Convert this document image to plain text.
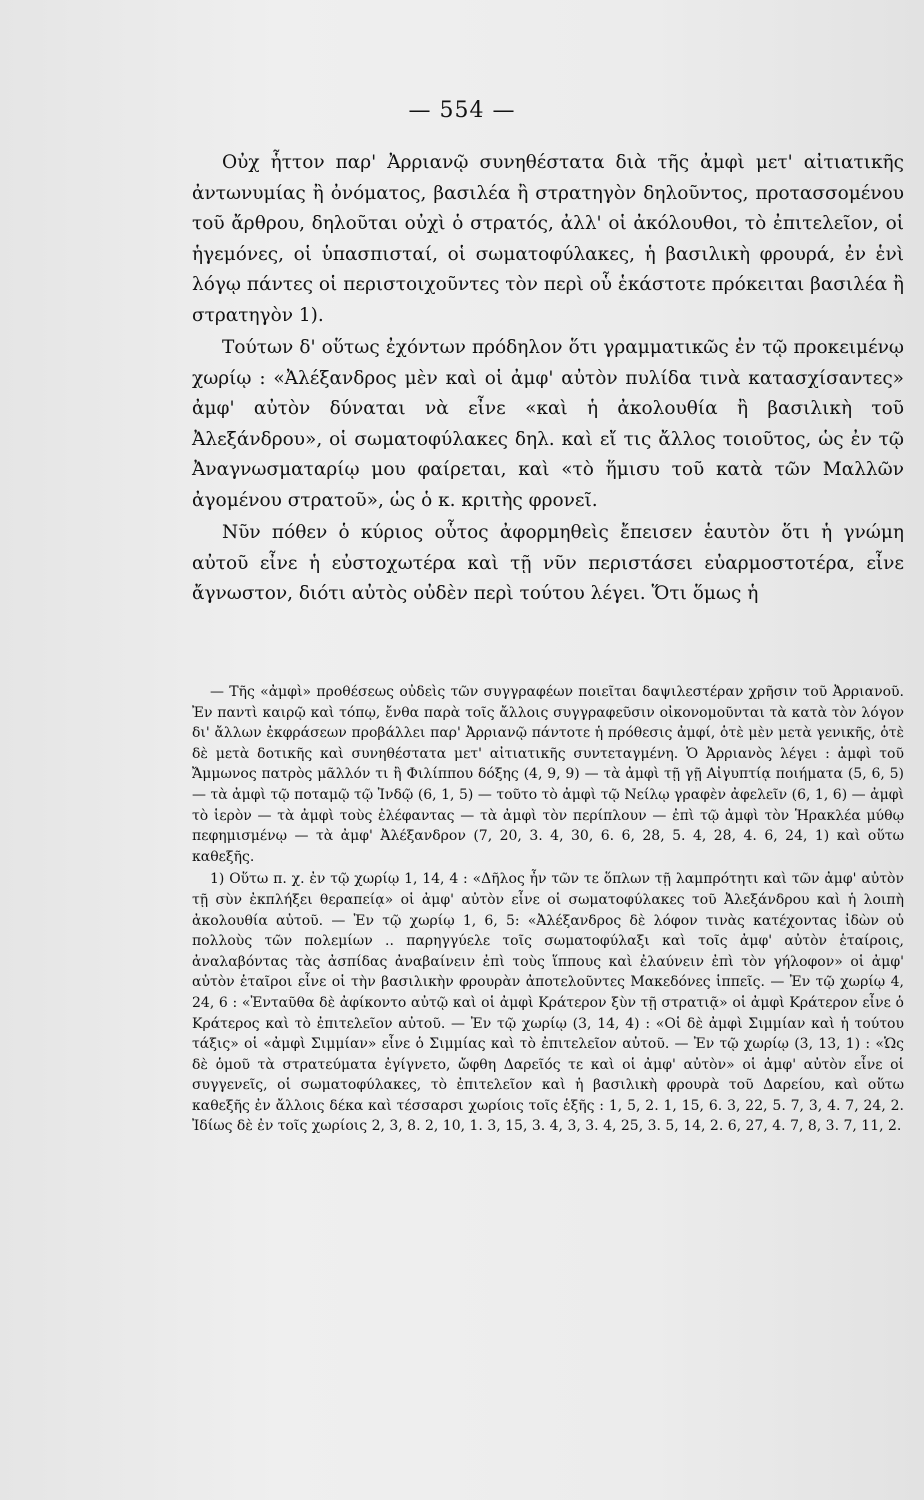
— 554 —

Οὐχ ἧττον παρ' Ἀρριανῷ συνηθέστατα διὰ τῆς ἀμφὶ μετ' αἰτιατικῆς ἀντωνυμίας ἢ ὀνόματος, βασιλέα ἢ στρατηγὸν δηλοῦντος, προτασσομένου τοῦ ἄρθρου, δηλοῦται οὐχὶ ὁ στρατός, ἀλλ' οἱ ἀκόλουθοι, τὸ ἐπιτελεῖον, οἱ ἡγεμόνες, οἱ ὑπασπισταί, οἱ σωματοφύλακες, ἡ βασιλικὴ φρουρά, ἐν ἑνὶ λόγῳ πάντες οἱ περιστοιχοῦντες τὸν περὶ οὗ ἑκάστοτε πρόκειται βασιλέα ἢ στρατηγὸν 1).

Τούτων δ' οὕτως ἐχόντων πρόδηλον ὅτι γραμματικῶς ἐν τῷ προκειμένῳ χωρίῳ : «Ἀλέξανδρος μὲν καὶ οἱ ἀμφ' αὐτὸν πυλίδα τινὰ κατασχίσαντες» ἀμφ' αὐτὸν δύναται νὰ εἶνε «καὶ ἡ ἀκολουθία ἢ βασιλικὴ τοῦ Ἀλεξάνδρου», οἱ σωματοφύλακες δηλ. καὶ εἴ τις ἄλλος τοιοῦτος, ὡς ἐν τῷ Ἀναγνωσματαρίῳ μου φαίρεται, καὶ «τὸ ἥμισυ τοῦ κατὰ τῶν Μαλλῶν ἀγομένου στρατοῦ», ὡς ὁ κ. κριτὴς φρονεῖ.

Νῦν πόθεν ὁ κύριος οὗτος ἀφορμηθεὶς ἔπεισεν ἑαυτὸν ὅτι ἡ γνώμη αὐτοῦ εἶνε ἡ εὐστοχωτέρα καὶ τῇ νῦν περιστάσει εὐαρμοστοτέρα, εἶνε ἄγνωστον, διότι αὐτὸς οὐδὲν περὶ τούτου λέγει. Ὅτι ὅμως ἡ

— Τῆς «ἀμφὶ» προθέσεως οὐδεὶς τῶν συγγραφέων ποιεῖται δαψιλεστέραν χρῆσιν τοῦ Ἀρριανοῦ. Ἐν παντὶ καιρῷ καὶ τόπῳ, ἔνθα παρὰ τοῖς ἄλλοις συγγραφεῦσιν οἰκονομοῦνται τὰ κατὰ τὸν λόγον δι' ἄλλων ἐκφράσεων προβάλλει παρ' Ἀρριανῷ πάντοτε ἡ πρόθεσις ἀμφί, ὁτὲ μὲν μετὰ γενικῆς, ὁτὲ δὲ μετὰ δοτικῆς καὶ συνηθέστατα μετ' αἰτιατικῆς συντεταγμένη. Ὁ Ἀρριανὸς λέγει : ἀμφὶ τοῦ Ἄμμωνος πατρὸς μᾶλλόν τι ἢ Φιλίππου δόξης (4, 9, 9) — τὰ ἀμφὶ τῇ γῇ Αἰγυπτίᾳ ποιήματα (5, 6, 5) — τὰ ἀμφὶ τῷ ποταμῷ τῷ Ἰνδῷ (6, 1, 5) — τοῦτο τὸ ἀμφὶ τῷ Νείλῳ γραφὲν ἀφελεῖν (6, 1, 6) — ἀμφὶ τὸ ἱερὸν — τὰ ἀμφὶ τοὺς ἐλέφαντας — τὰ ἀμφὶ τὸν περίπλουν — ἐπὶ τῷ ἀμφὶ τὸν Ἡρακλέα μύθῳ πεφημισμένῳ — τὰ ἀμφ' Ἀλέξανδρον (7, 20, 3. 4, 30, 6. 6, 28, 5. 4, 28, 4. 6, 24, 1) καὶ οὕτω καθεξῆς.

1) Οὕτω π. χ. ἐν τῷ χωρίῳ 1, 14, 4 : «Δῆλος ἦν τῶν τε ὅπλων τῇ λαμπρότητι καὶ τῶν ἀμφ' αὐτὸν τῇ σὺν ἐκπλήξει θεραπείᾳ» οἱ ἀμφ' αὐτὸν εἶνε οἱ σωματοφύλακες τοῦ Ἀλεξάνδρου καὶ ἡ λοιπὴ ἀκολουθία αὐτοῦ. — Ἐν τῷ χωρίῳ 1, 6, 5: «Ἀλέξανδρος δὲ λόφον τινὰς κατέχοντας ἰδὼν οὐ πολλοὺς τῶν πολεμίων .. παρηγγύελε τοῖς σωματοφύλαξι καὶ τοῖς ἀμφ' αὐτὸν ἑταίροις, ἀναλαβόντας τὰς ἀσπίδας ἀναβαίνειν ἐπὶ τοὺς ἵππους καὶ ἐλαύνειν ἐπὶ τὸν γήλοφον» οἱ ἀμφ' αὐτὸν ἑταῖροι εἶνε οἱ τὴν βασιλικὴν φρουρὰν ἀποτελοῦντες Μακεδόνες ἱππεῖς. — Ἐν τῷ χωρίῳ 4, 24, 6 : «Ἐνταῦθα δὲ ἀφίκοντο αὐτῷ καὶ οἱ ἀμφὶ Κράτερον ξὺν τῇ στρατιᾷ» οἱ ἀμφὶ Κράτερον εἶνε ὁ Κράτερος καὶ τὸ ἐπιτελεῖον αὐτοῦ. — Ἐν τῷ χωρίῳ (3, 14, 4) : «Οἱ δὲ ἀμφὶ Σιμμίαν καὶ ἡ τούτου τάξις» οἱ «ἀμφὶ Σιμμίαν» εἶνε ὁ Σιμμίας καὶ τὸ ἐπιτελεῖον αὐτοῦ. — Ἐν τῷ χωρίῳ (3, 13, 1) : «Ὡς δὲ ὁμοῦ τὰ στρατεύματα ἐγίγνετο, ὤφθη Δαρεῖός τε καὶ οἱ ἀμφ' αὐτὸν» οἱ ἀμφ' αὐτὸν εἶνε οἱ συγγενεῖς, οἱ σωματοφύλακες, τὸ ἐπιτελεῖον καὶ ἡ βασιλικὴ φρουρὰ τοῦ Δαρείου, καὶ οὕτω καθεξῆς ἐν ἄλλοις δέκα καὶ τέσσαρσι χωρίοις τοῖς ἑξῆς : 1, 5, 2. 1, 15, 6. 3, 22, 5. 7, 3, 4. 7, 24, 2. Ἰδίως δὲ ἐν τοῖς χωρίοις 2, 3, 8. 2, 10, 1. 3, 15, 3. 4, 3, 3. 4, 25, 3. 5, 14, 2. 6, 27, 4. 7, 8, 3. 7, 11, 2.
